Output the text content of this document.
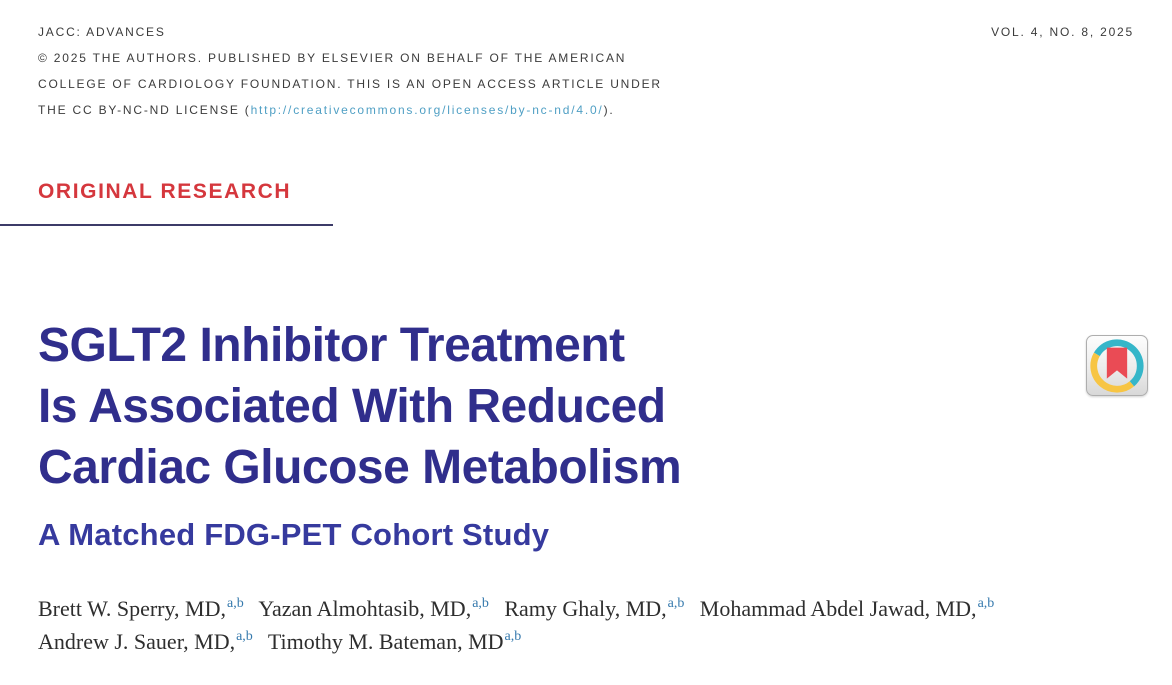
JACC: ADVANCES
© 2025 THE AUTHORS. PUBLISHED BY ELSEVIER ON BEHALF OF THE AMERICAN
COLLEGE OF CARDIOLOGY FOUNDATION. THIS IS AN OPEN ACCESS ARTICLE UNDER
THE CC BY-NC-ND LICENSE (http://creativecommons.org/licenses/by-nc-nd/4.0/).
VOL. 4, NO. 8, 2025
ORIGINAL RESEARCH
SGLT2 Inhibitor Treatment
Is Associated With Reduced
Cardiac Glucose Metabolism
A Matched FDG-PET Cohort Study
Brett W. Sperry, MD,$^{a,b}$ Yazan Almohtasib, MD,$^{a,b}$ Ramy Ghaly, MD,$^{a,b}$ Mohammad Abdel Jawad, MD,$^{a,b}$
Andrew J. Sauer, MD,$^{a,b}$ Timothy M. Bateman, MD$^{a,b}$
